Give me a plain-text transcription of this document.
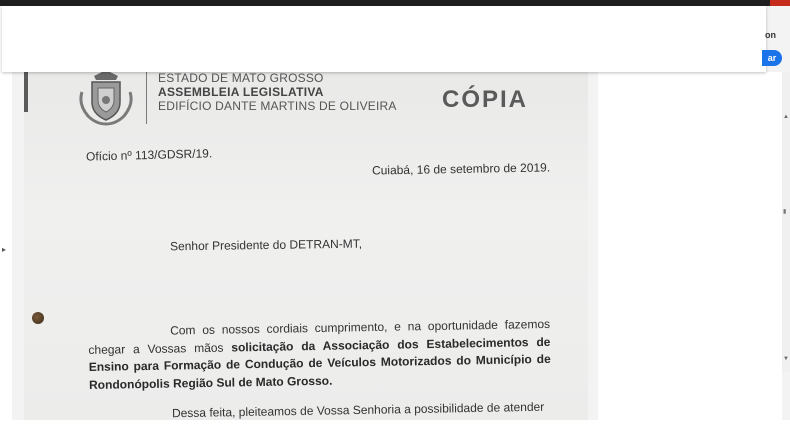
▸
▲
▮
▼
ESTADO DE MATO GROSSO
ASSEMBLEIA LEGISLATIVA
EDIFÍCIO DANTE MARTINS DE OLIVEIRA CÓPIA
Ofício nº 113/GDSR/19.
Cuiabá, 16 de setembro de 2019.
Senhor Presidente do DETRAN-MT,
Com os nossos cordiais cumprimento, e na oportunidade fazemos chegar a Vossas mãos solicitação da Associação dos Estabelecimentos de Ensino para Formação de Condução de Veículos Motorizados do Município de Rondonópolis Região Sul de Mato Grosso.
Dessa feita, pleiteamos de Vossa Senhoria a possibilidade de atender
on
ar
